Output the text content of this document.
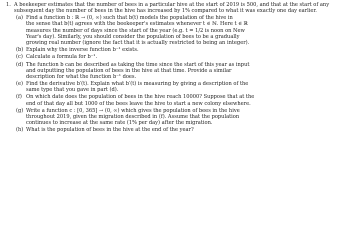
1. A beekeeper estimates that the number of bees in a particular hive at the start of 2019 is 500, and that at the start of any subsequent day the number of bees in the hive has increased by 1% compared to what it was exactly one day earlier.
(a) Find a function b : ℝ → (0, ∞) such that b(t) models the population of the hive in
the sense that b(t) agrees with the beekeeper's estimates whenever t ∈ ℕ. Here t ∈ ℝ
measures the number of days since the start of the year (e.g. t = 1/2 is noon on New
Year's day). Similarly, you should consider the population of bees to be a gradually
growing real number (ignore the fact that it is actually restricted to being an integer).
(b) Explain why the inverse function b⁻¹ exists.
(c) Calculate a formula for b⁻¹.
(d) The function b can be described as taking the time since the start of this year as input
and outputting the population of bees in the hive at that time. Provide a similar
description for what the function b⁻¹ does.
(e) Find the derivative b′(t). Explain what b′(t) is measuring by giving a description of the
same type that you gave in part (d).
(f) On which date does the population of bees in the hive reach 10000? Suppose that at the
end of that day all but 1000 of the bees leave the hive to start a new colony elsewhere.
(g) Write a function c : [0, 365] → (0, ∞) which gives the population of bees in the hive
throughout 2019, given the migration described in (f). Assume that the population
continues to increase at the same rate (1% per day) after the migration.
(h) What is the population of bees in the hive at the end of the year?
